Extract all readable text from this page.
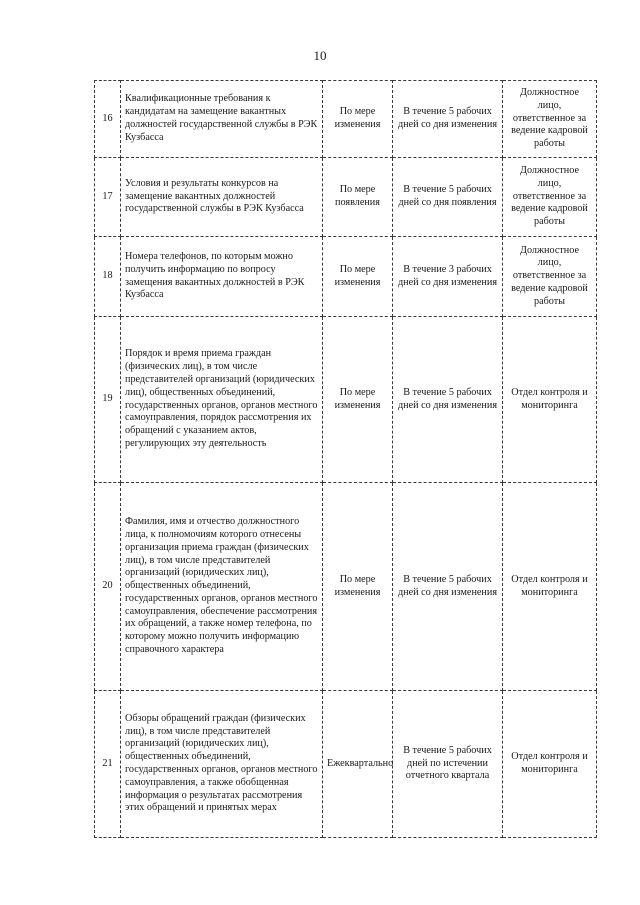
10
16	Квалификационные требования к кандидатам на замещение вакантных должностей государственной службы в РЭК Кузбасса	По мере изменения	В течение 5 рабочих дней со дня изменения	Должностное лицо, ответственное за ведение кадровой работы
17	Условия и результаты конкурсов на замещение вакантных должностей государственной службы в РЭК Кузбасса	По мере появления	В течение 5 рабочих дней со дня появления	Должностное лицо, ответственное за ведение кадровой работы
18	Номера телефонов, по которым можно получить информацию по вопросу замещения вакантных должностей в РЭК Кузбасса	По мере изменения	В течение 3 рабочих дней со дня изменения	Должностное лицо, ответственное за ведение кадровой работы
19	Порядок и время приема граждан (физических лиц), в том числе представителей организаций (юридических лиц), общественных объединений, государственных органов, органов местного самоуправления, порядок рассмотрения их обращений с указанием актов, регулирующих эту деятельность	По мере изменения	В течение 5 рабочих дней со дня изменения	Отдел контроля и мониторинга
20	Фамилия, имя и отчество должностного лица, к полномочиям которого отнесены организация приема граждан (физических лиц), в том числе представителей организаций (юридических лиц), общественных объединений, государственных органов, органов местного самоуправления, обеспечение рассмотрения их обращений, а также номер телефона, по которому можно получить информацию справочного характера	По мере изменения	В течение 5 рабочих дней со дня изменения	Отдел контроля и мониторинга
21	Обзоры обращений граждан (физических лиц), в том числе представителей организаций (юридических лиц), общественных объединений, государственных органов, органов местного самоуправления, а также обобщенная информация о результатах рассмотрения этих обращений и принятых мерах	Ежеквартально	В течение 5 рабочих дней по истечении отчетного квартала	Отдел контроля и мониторинга
